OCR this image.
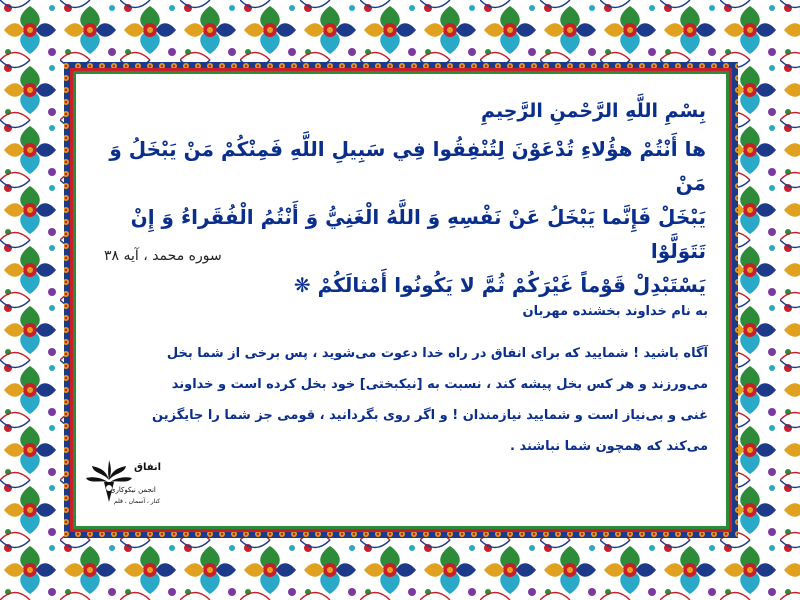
بِسْمِ اللَّهِ الرَّحْمنِ الرَّحِيمِ
ها أَنْتُمْ هؤُلاءِ تُدْعَوْنَ لِتُنْفِقُوا فِي سَبِيلِ اللَّهِ فَمِنْكُمْ مَنْ يَبْخَلُ وَ مَنْ
يَبْخَلْ فَإِنَّما يَبْخَلُ عَنْ نَفْسِهِ وَ اللَّهُ الْغَنِيُّ وَ أَنْتُمُ الْفُقَراءُ وَ إِنْ تَتَوَلَّوْا
يَسْتَبْدِلْ قَوْماً غَيْرَكُمْ ثُمَّ لا يَكُونُوا أَمْثالَكُمْ ❋
سوره محمد ، آیه ۳۸
به نام خداوند بخشنده مهربان
آگاه باشید ! شمایید که برای انفاق در راه خدا دعوت می‌شوید ، پس برخی از شما بخل
می‌ورزند و هر کس بخل پیشه کند ، نسبت به [نیکبختی] خود بخل کرده است و خداوند
غنی و بی‌نیاز است و شمایید نیازمندان ! و اگر روی بگردانید ، قومی جز شما را جایگزین
می‌کند که همچون شما نباشند .
انفاق
انجمن نیکوکاری
کنار ، آسمان ، قلم
